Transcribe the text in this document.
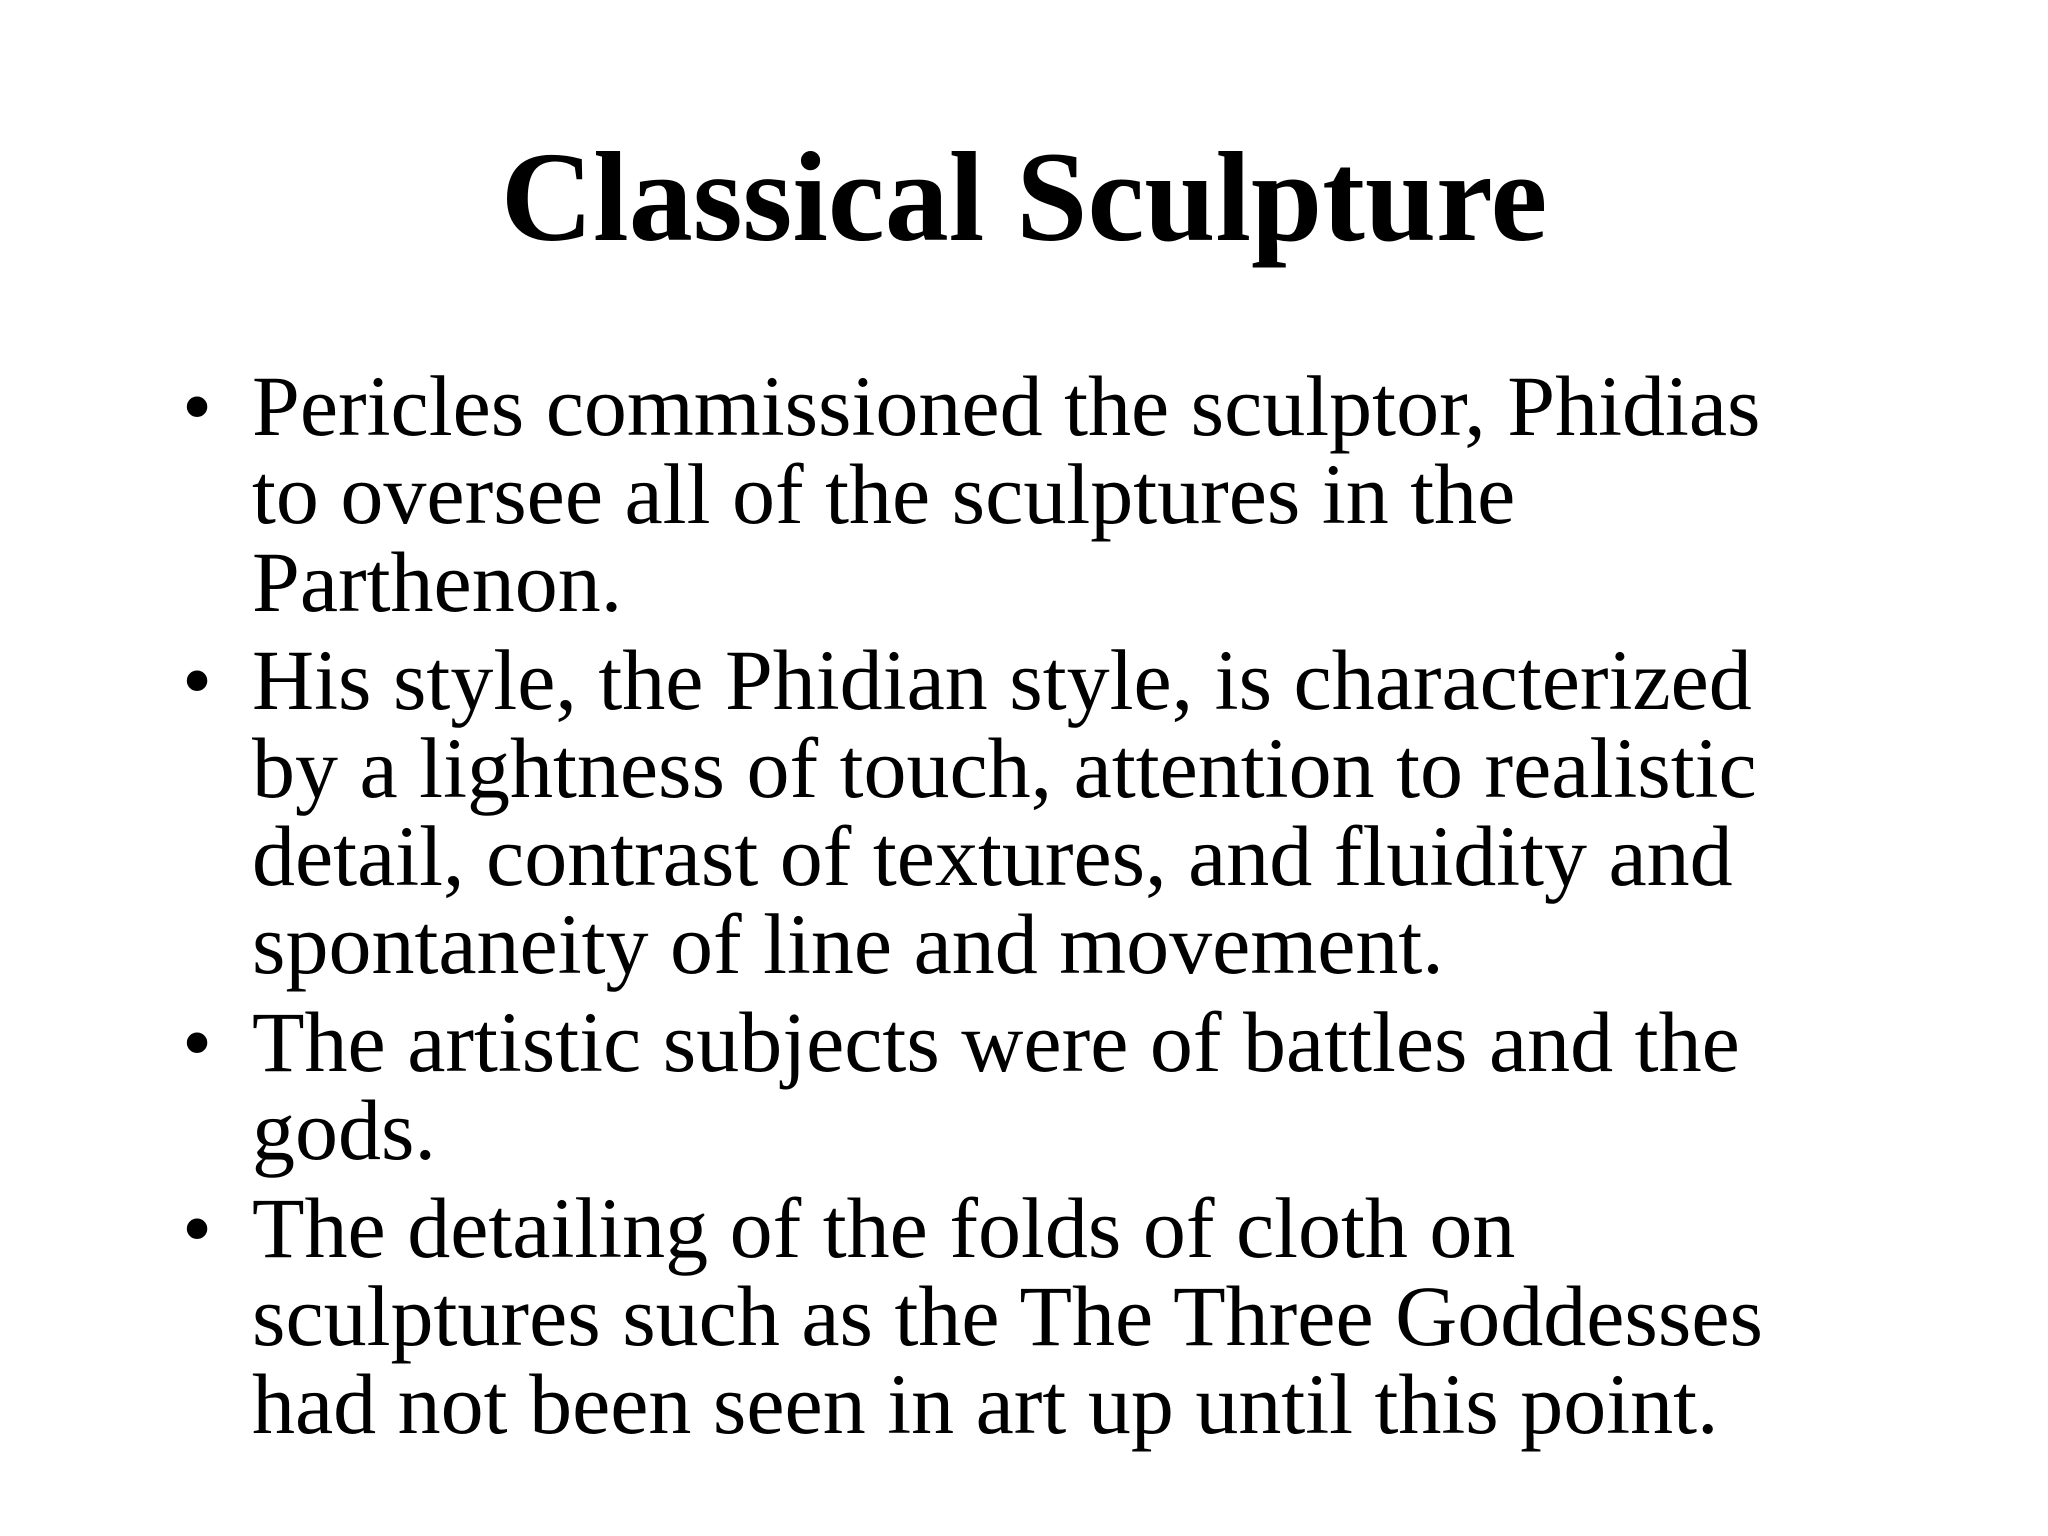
Classical Sculpture
• Pericles commissioned the sculptor, Phidias
to oversee all of the sculptures in the
Parthenon.
• His style, the Phidian style, is characterized
by a lightness of touch, attention to realistic
detail, contrast of textures, and fluidity and
spontaneity of line and movement.
• The artistic subjects were of battles and the
gods.
• The detailing of the folds of cloth on
sculptures such as the The Three Goddesses
had not been seen in art up until this point.
